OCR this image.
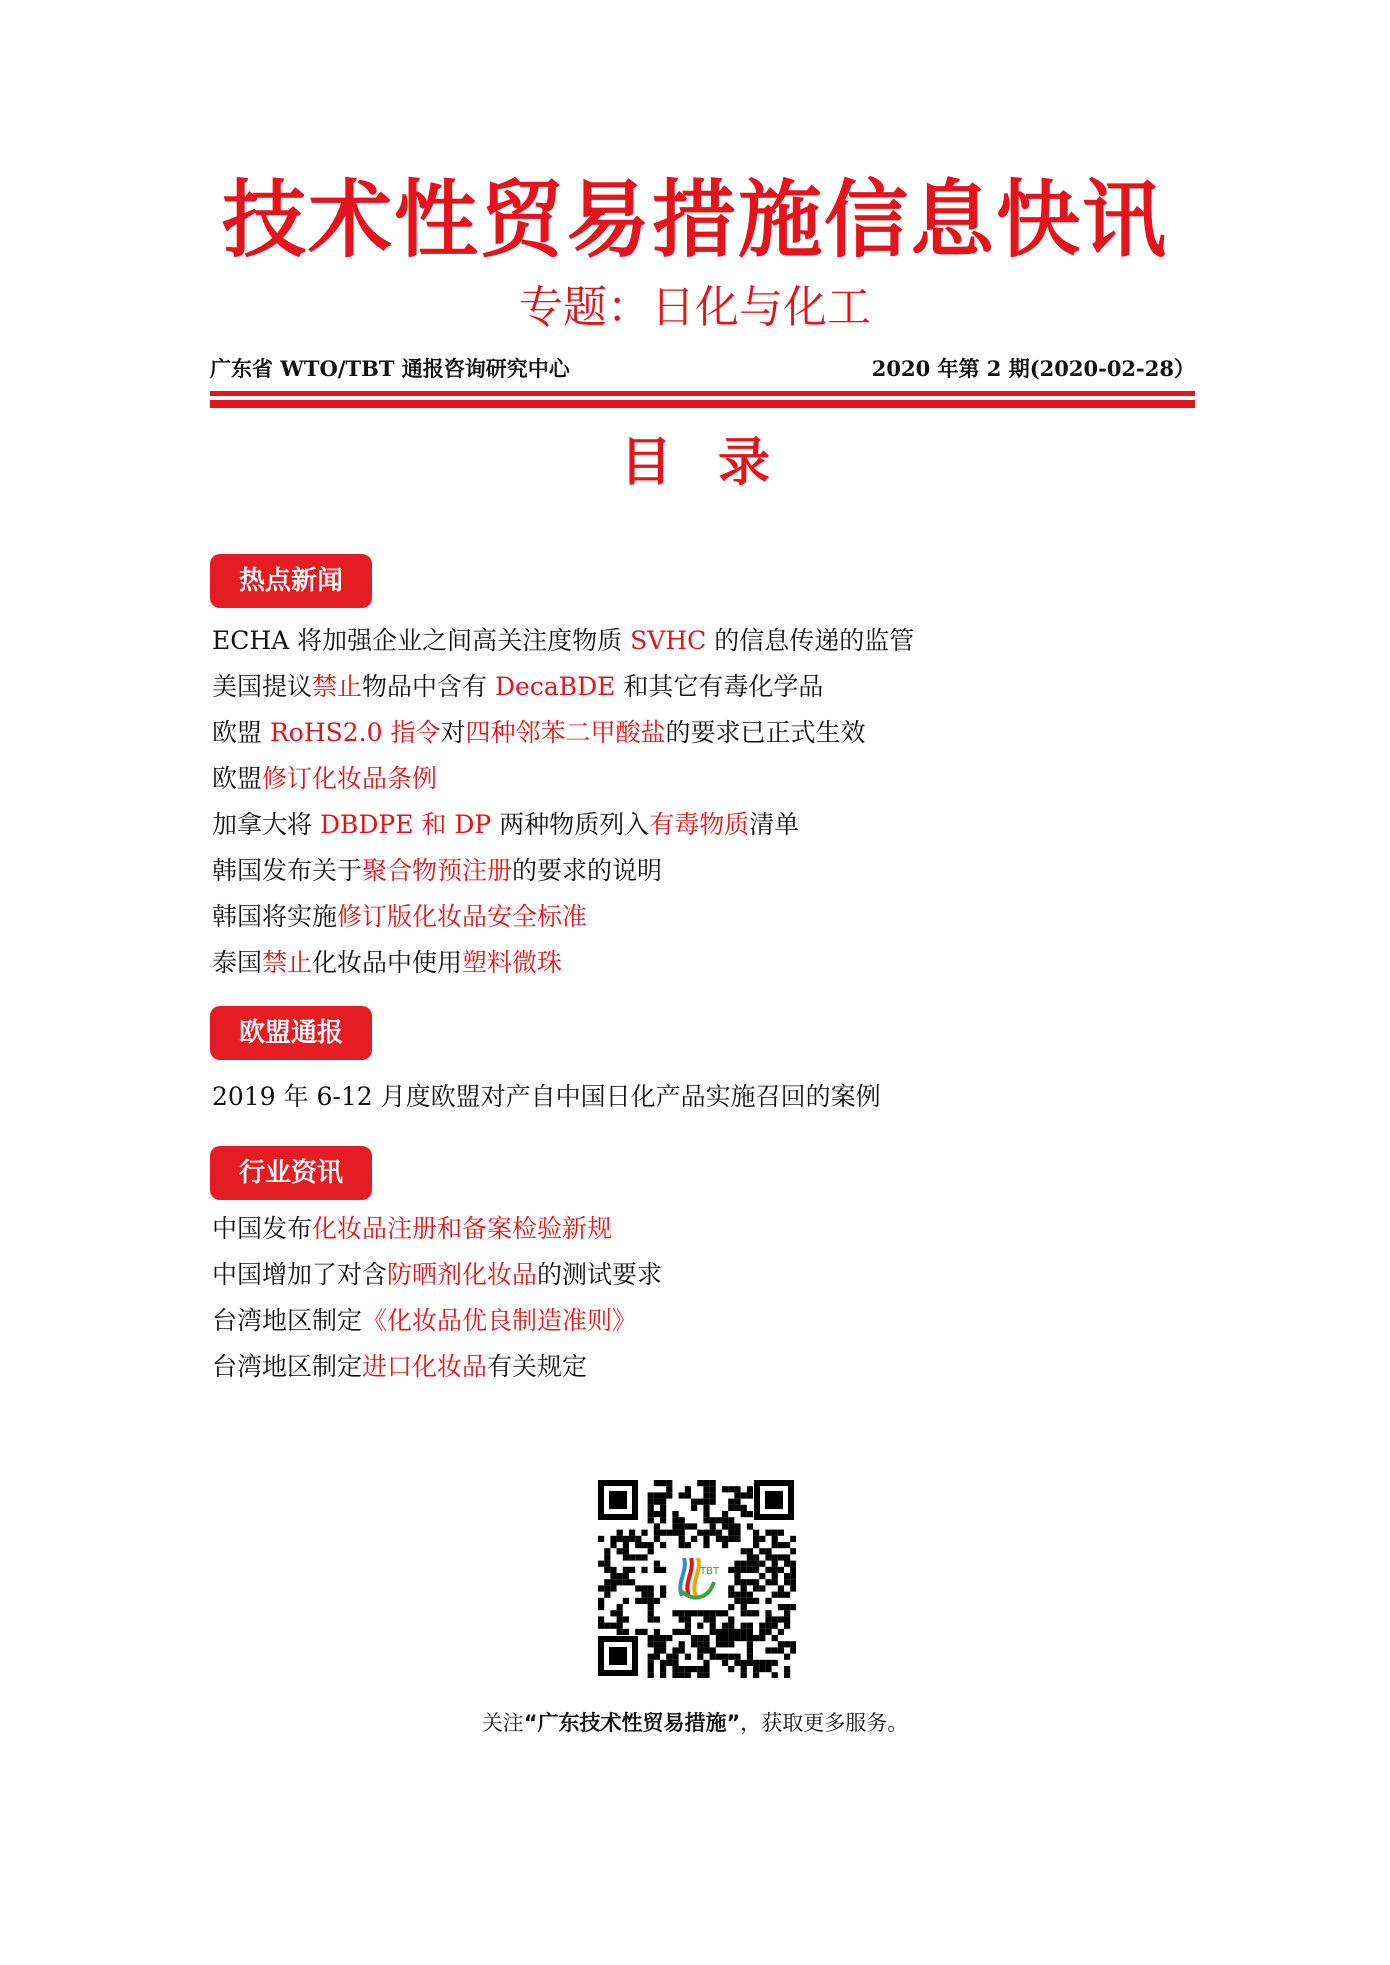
技术性贸易措施信息快讯
专题：日化与化工
广东省 WTO/TBT 通报咨询研究中心	2020 年第 2 期(2020-02-28）
目录
热点新闻
ECHA 将加强企业之间高关注度物质 SVHC 的信息传递的监管
美国提议禁止物品中含有 DecaBDE 和其它有毒化学品
欧盟 RoHS2.0 指令对四种邻苯二甲酸盐的要求已正式生效
欧盟修订化妆品条例
加拿大将 DBDPE 和 DP 两种物质列入有毒物质清单
韩国发布关于聚合物预注册的要求的说明
韩国将实施修订版化妆品安全标准
泰国禁止化妆品中使用塑料微珠
欧盟通报
2019 年 6-12 月度欧盟对产自中国日化产品实施召回的案例
行业资讯
中国发布化妆品注册和备案检验新规
中国增加了对含防晒剂化妆品的测试要求
台湾地区制定《化妆品优良制造准则》
台湾地区制定进口化妆品有关规定
TBT
关注“广东技术性贸易措施”，获取更多服务。
